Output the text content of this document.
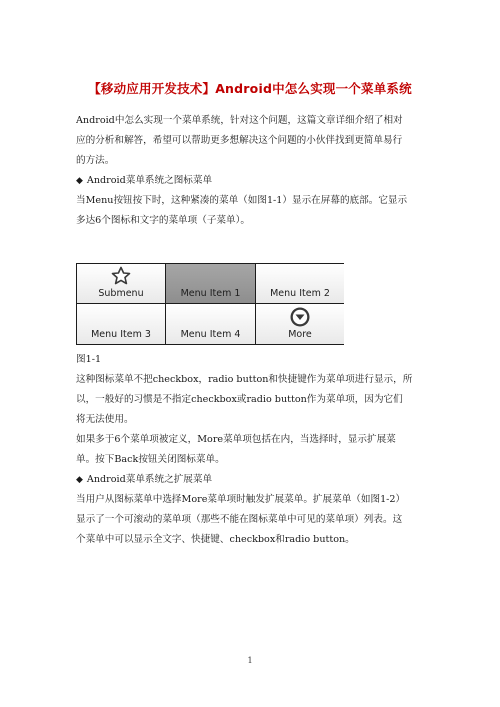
【移动应用开发技术】Android中怎么实现一个菜单系统
Android中怎么实现一个菜单系统，针对这个问题，这篇文章详细介绍了相对
应的分析和解答，希望可以帮助更多想解决这个问题的小伙伴找到更简单易行
的方法。
◆ Android菜单系统之图标菜单
当Menu按钮按下时，这种紧凑的菜单（如图1-1）显示在屏幕的底部。它显示
多达6个图标和文字的菜单项（子菜单）。
Submenu	Menu Item 1	Menu Item 2
Menu Item 3	Menu Item 4	More
图1-1
这种图标菜单不把checkbox，radio button和快捷键作为菜单项进行显示，所
以，一般好的习惯是不指定checkbox或radio button作为菜单项，因为它们
将无法使用。
如果多于6个菜单项被定义，More菜单项包括在内，当选择时，显示扩展菜
单。按下Back按钮关闭图标菜单。
◆ Android菜单系统之扩展菜单
当用户从图标菜单中选择More菜单项时触发扩展菜单。扩展菜单（如图1-2）
显示了一个可滚动的菜单项（那些不能在图标菜单中可见的菜单项）列表。这
个菜单中可以显示全文字、快捷键、checkbox和radio button。
1
